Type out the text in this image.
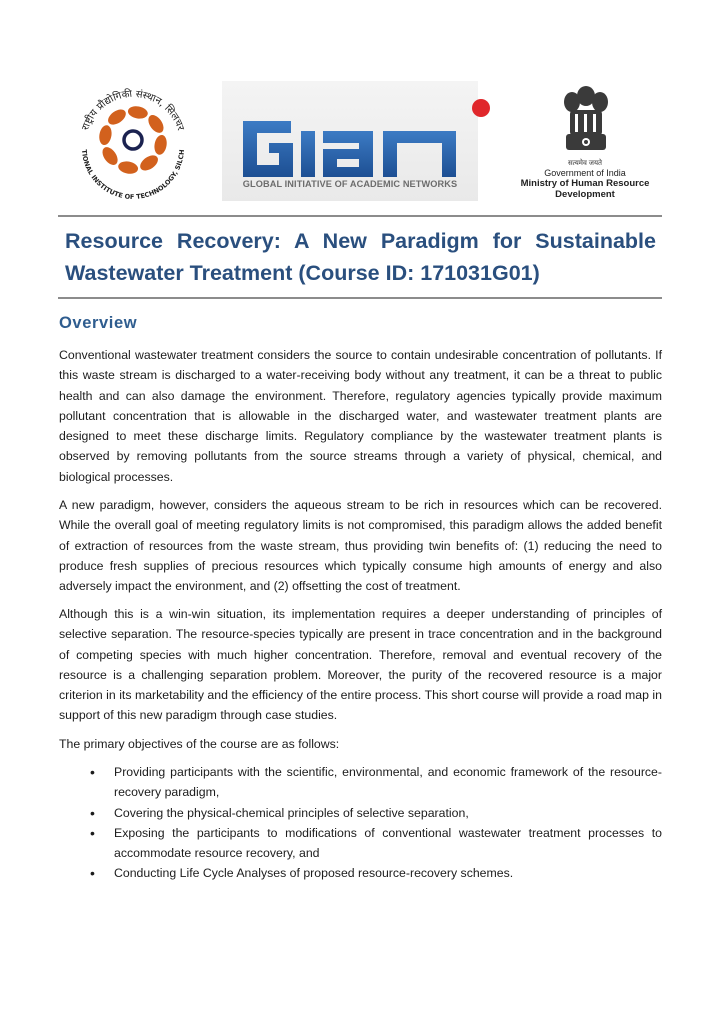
राष्ट्रीय प्रौद्योगिकी संस्थान, सिलचर
TIONAL INSTITUTE OF TECHNOLOGY, SILCH
GLOBAL INITIATIVE OF ACADEMIC NETWORKS
सत्यमेव जयते
Government of India
Ministry of Human Resource
Development
Resource Recovery: A New Paradigm for Sustainable
Wastewater Treatment (Course ID: 171031G01)
Overview

Conventional wastewater treatment considers the source to contain undesirable concentration of pollutants. If this waste stream is discharged to a water-receiving body without any treatment, it can be a threat to public health and can also damage the environment. Therefore, regulatory agencies typically provide maximum pollutant concentration that is allowable in the discharged water, and wastewater treatment plants are designed to meet these discharge limits. Regulatory compliance by the wastewater treatment plants is observed by removing pollutants from the source streams through a variety of physical, chemical, and biological processes.

A new paradigm, however, considers the aqueous stream to be rich in resources which can be recovered. While the overall goal of meeting regulatory limits is not compromised, this paradigm allows the added benefit of extraction of resources from the waste stream, thus providing twin benefits of: (1) reducing the need to produce fresh supplies of precious resources which typically consume high amounts of energy and also adversely impact the environment, and (2) offsetting the cost of treatment.

Although this is a win-win situation, its implementation requires a deeper understanding of principles of selective separation. The resource-species typically are present in trace concentration and in the background of competing species with much higher concentration. Therefore, removal and eventual recovery of the resource is a challenging separation problem. Moreover, the purity of the recovered resource is a major criterion in its marketability and the efficiency of the entire process. This short course will provide a road map in support of this new paradigm through case studies.

The primary objectives of the course are as follows:

• Providing participants with the scientific, environmental, and economic framework of the resource-recovery paradigm,
• Covering the physical-chemical principles of selective separation,
• Exposing the participants to modifications of conventional wastewater treatment processes to accommodate resource recovery, and
• Conducting Life Cycle Analyses of proposed resource-recovery schemes.
